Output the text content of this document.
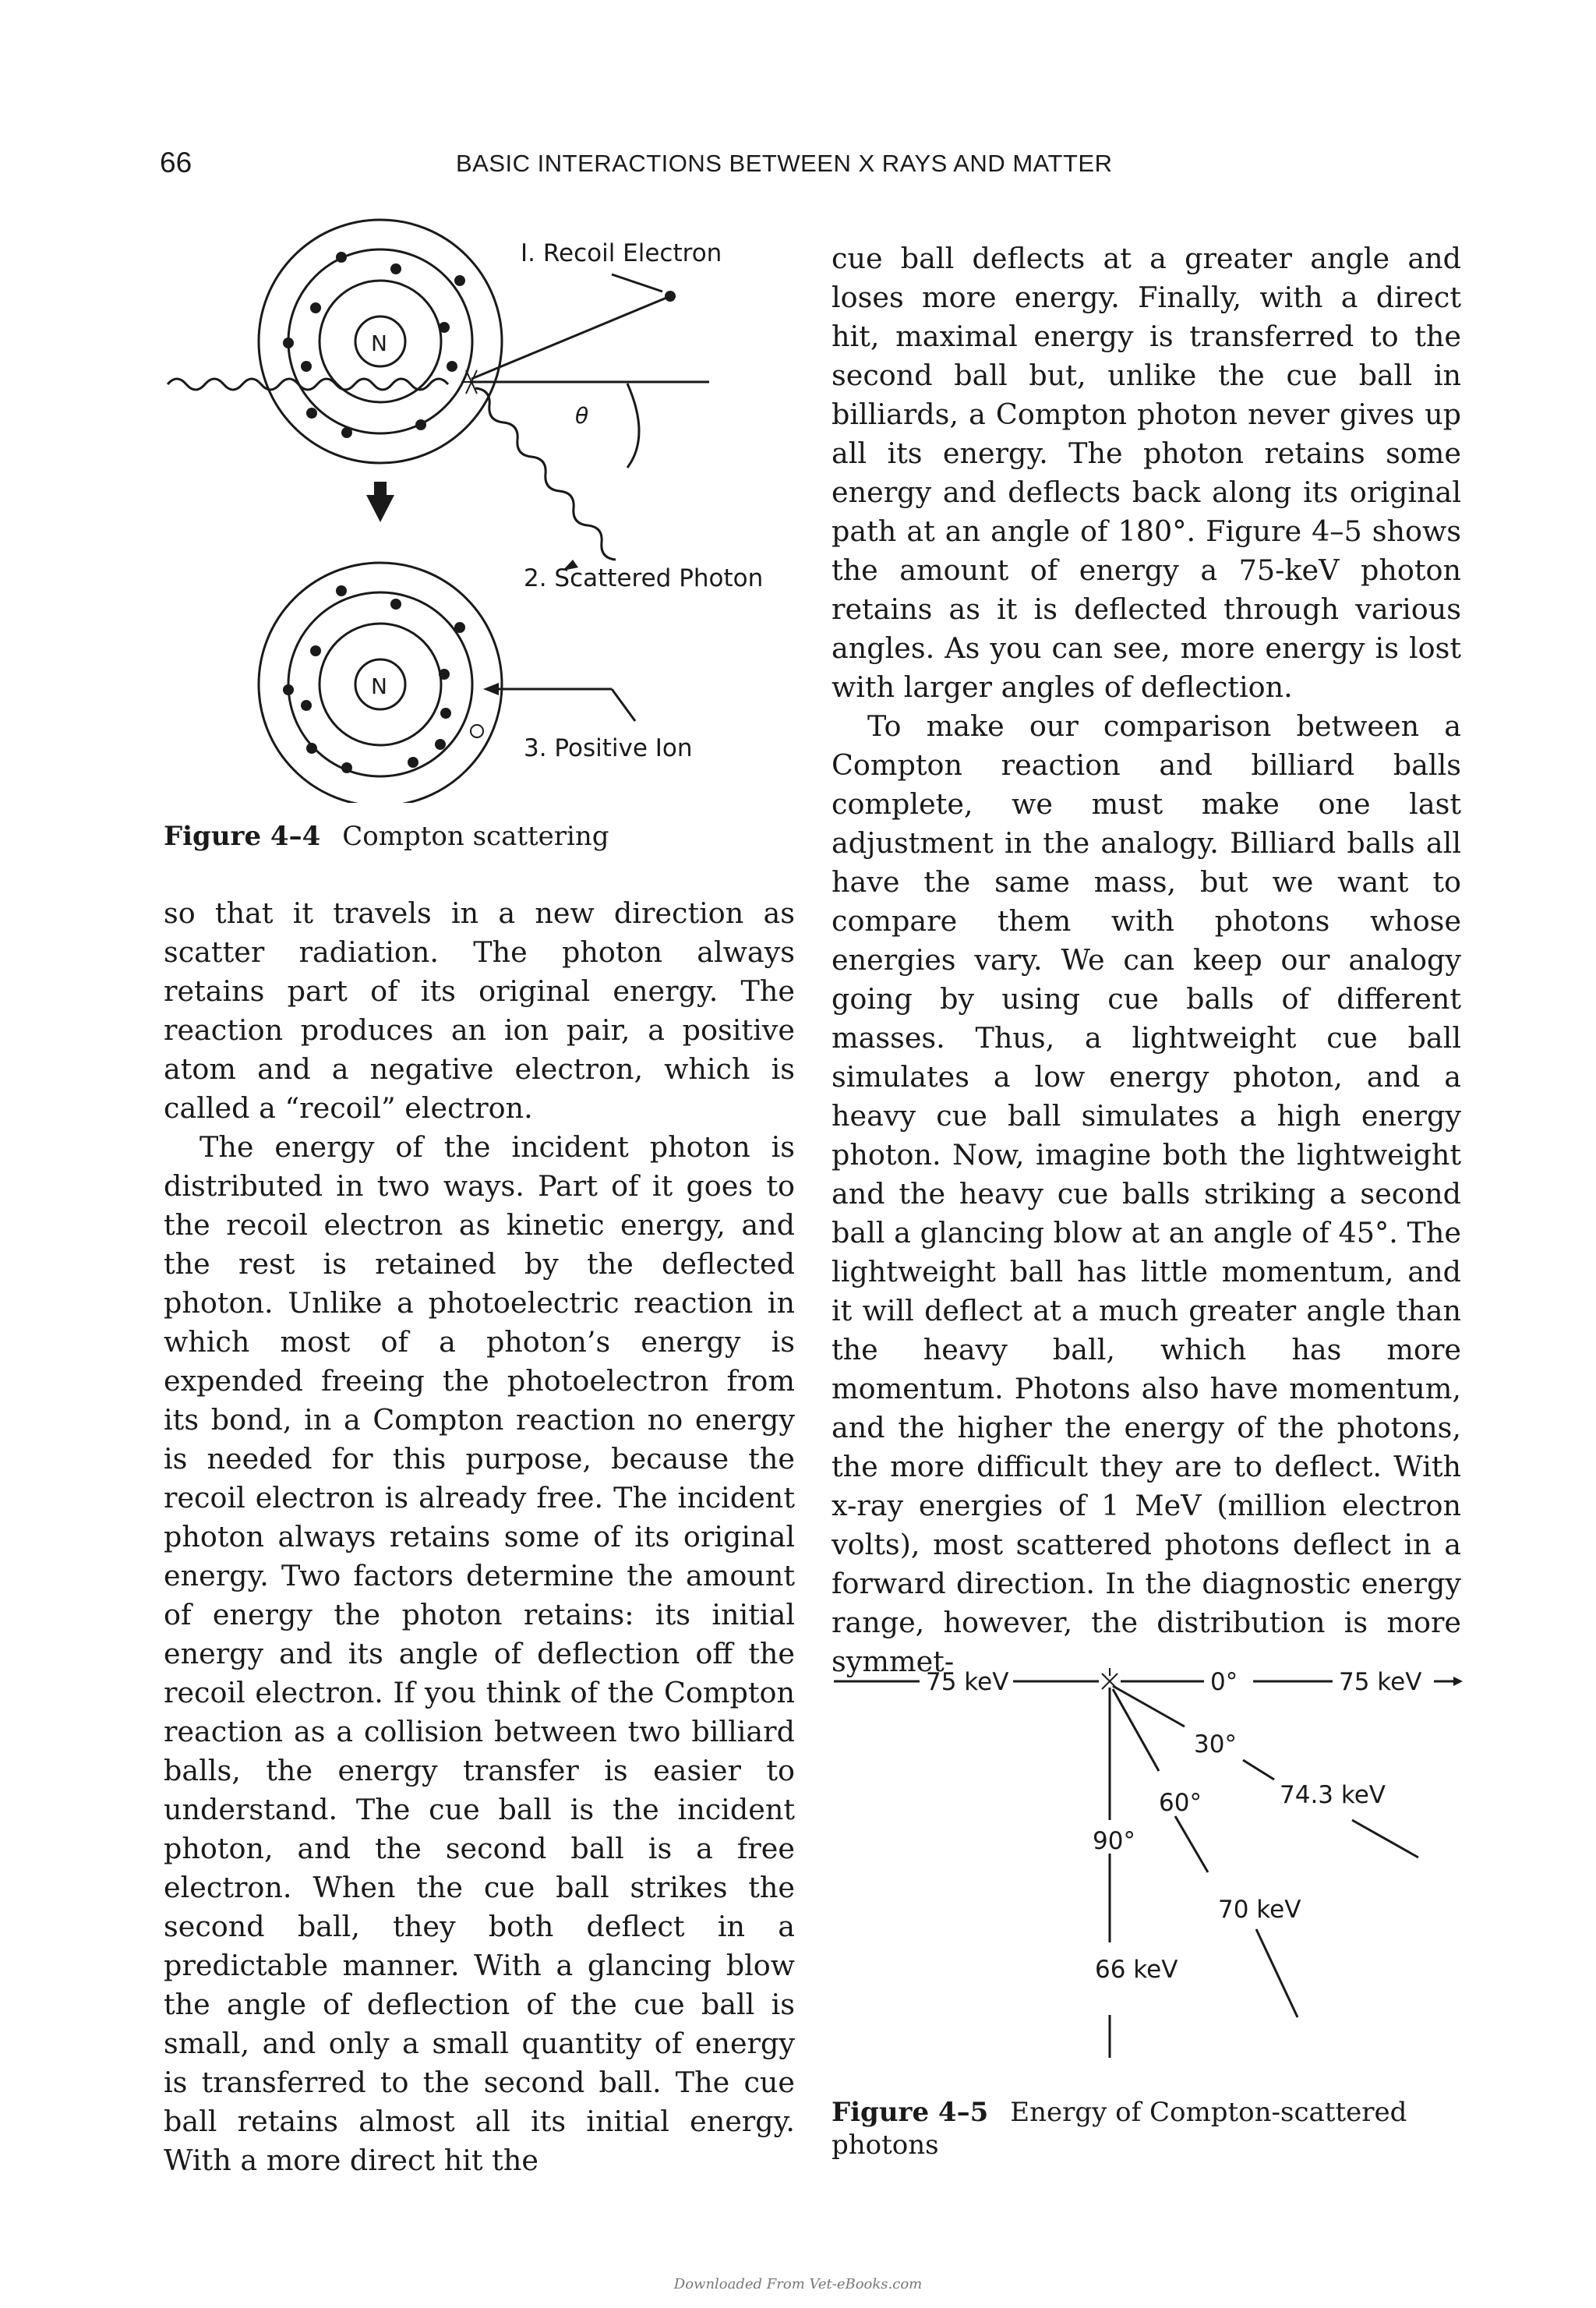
66	BASIC INTERACTIONS BETWEEN X RAYS AND MATTER
I. Recoil Electron
2. Scattered Photon
3. Positive Ion
N
N
θ
Figure 4–4 Compton scattering

so that it travels in a new direction as scatter radiation. The photon always retains part of its original energy. The reaction produces an ion pair, a positive atom and a negative electron, which is called a “recoil” electron.

The energy of the incident photon is distributed in two ways. Part of it goes to the recoil electron as kinetic energy, and the rest is retained by the deflected photon. Unlike a photoelectric reaction in which most of a photon’s energy is expended freeing the photoelectron from its bond, in a Compton reaction no energy is needed for this purpose, because the recoil electron is already free. The incident photon always retains some of its original energy. Two factors determine the amount of energy the photon retains: its initial energy and its angle of deflection off the recoil electron. If you think of the Compton reaction as a collision between two billiard balls, the energy transfer is easier to understand. The cue ball is the incident photon, and the second ball is a free electron. When the cue ball strikes the second ball, they both deflect in a predictable manner. With a glancing blow the angle of deflection of the cue ball is small, and only a small quantity of energy is transferred to the second ball. The cue ball retains almost all its initial energy. With a more direct hit the

cue ball deflects at a greater angle and loses more energy. Finally, with a direct hit, maximal energy is transferred to the second ball but, unlike the cue ball in billiards, a Compton photon never gives up all its energy. The photon retains some energy and deflects back along its original path at an angle of 180°. Figure 4–5 shows the amount of energy a 75-keV photon retains as it is deflected through various angles. As you can see, more energy is lost with larger angles of deflection.

To make our comparison between a Compton reaction and billiard balls complete, we must make one last adjustment in the analogy. Billiard balls all have the same mass, but we want to compare them with photons whose energies vary. We can keep our analogy going by using cue balls of different masses. Thus, a lightweight cue ball simulates a low energy photon, and a heavy cue ball simulates a high energy photon. Now, imagine both the lightweight and the heavy cue balls striking a second ball a glancing blow at an angle of 45°. The lightweight ball has little momentum, and it will deflect at a much greater angle than the heavy ball, which has more momentum. Photons also have momentum, and the higher the energy of the photons, the more difficult they are to deflect. With x-ray energies of 1 MeV (million electron volts), most scattered photons deflect in a forward direction. In the diagnostic energy range, however, the distribution is more symmet-

75 keV	0°	75 keV
30°
74.3 keV
60°
70 keV
90°
66 keV
Figure 4–5 Energy of Compton-scattered photons
Downloaded From Vet-eBooks.com
